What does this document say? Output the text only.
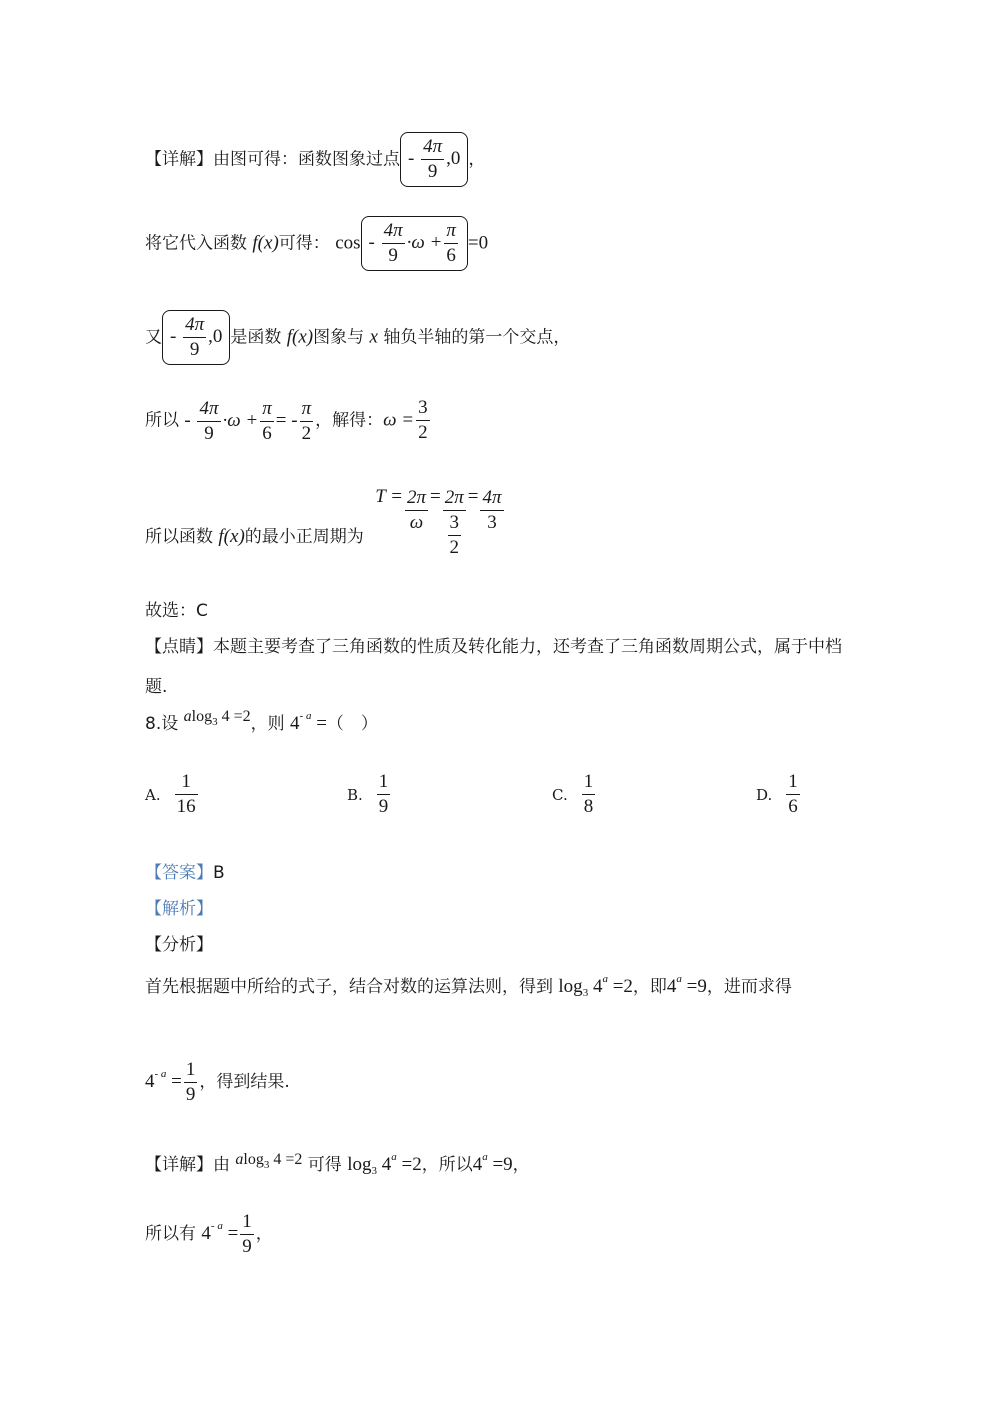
【详解】由图可得：函数图象过点 - $\frac{4\pi}{9} ,0$ ，
将它代入函数 f(x)可得： $\cos - \frac{4\pi}{9} \cdot\omega + \frac{\pi}{6} =0$
又 - $\frac{4\pi}{9} ,0$ 是函数 f(x)图象与 x 轴负半轴的第一个交点，
所以 - $\frac{4\pi}{9} \cdot\omega + \frac{\pi}{6}$ = - $\frac{\pi}{2}$ ，解得：$\omega = \frac{3}{2}$
所以函数 f(x)的最小正周期为 $T = \frac{2\pi}{\omega} = \frac{2\pi}{\frac{3}{2}} = \frac{4\pi}{3}$
故选：C
【点睛】本题主要考查了三角函数的性质及转化能力，还考查了三角函数周期公式，属于中档
题.
8.设 alog$_3$ 4 =2，则 $4^{- a}$ =（　）
A. $\frac{1}{16}$	B. $\frac{1}{9}$	C. $\frac{1}{8}$	D. $\frac{1}{6}$
【答案】B
【解析】
【分析】
首先根据题中所给的式子，结合对数的运算法则，得到 $\log_3 4^a =2$，即$4^a =9$，进而求得
$4^{- a} = \frac{1}{9}$ ，得到结果.
【详解】由 alog$_3$ 4 =2 可得 $\log_3 4^a =2$，所以$4^a =9$，
所以有 $4^{- a} = \frac{1}{9}$ ，
